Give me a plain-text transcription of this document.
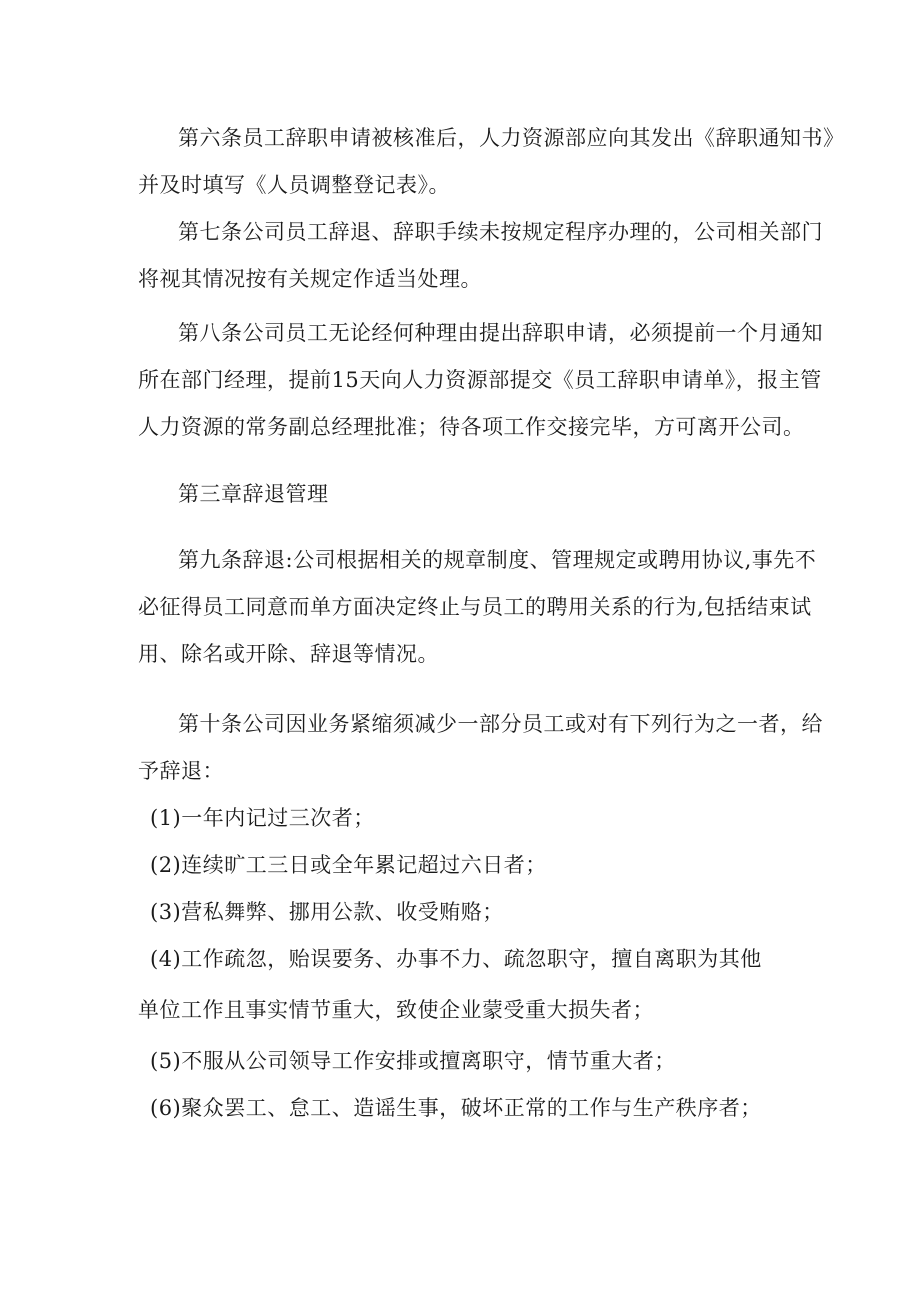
第六条员工辞职申请被核准后，人力资源部应向其发出《辞职通知书》
并及时填写《人员调整登记表》。
第七条公司员工辞退、辞职手续未按规定程序办理的，公司相关部门
将视其情况按有关规定作适当处理。
第八条公司员工无论经何种理由提出辞职申请，必须提前一个月通知
所在部门经理，提前15天向人力资源部提交《员工辞职申请单》，报主管
人力资源的常务副总经理批准；待各项工作交接完毕，方可离开公司。
第三章辞退管理
第九条辞退:公司根据相关的规章制度、管理规定或聘用协议,事先不
必征得员工同意而单方面决定终止与员工的聘用关系的行为,包括结束试
用、除名或开除、辞退等情况。
第十条公司因业务紧缩须减少一部分员工或对有下列行为之一者，给
予辞退：
(1)一年内记过三次者；
(2)连续旷工三日或全年累记超过六日者；
(3)营私舞弊、挪用公款、收受贿赂；
(4)工作疏忽，贻误要务、办事不力、疏忽职守，擅自离职为其他
单位工作且事实情节重大，致使企业蒙受重大损失者；
(5)不服从公司领导工作安排或擅离职守，情节重大者；
(6)聚众罢工、怠工、造谣生事，破坏正常的工作与生产秩序者；
